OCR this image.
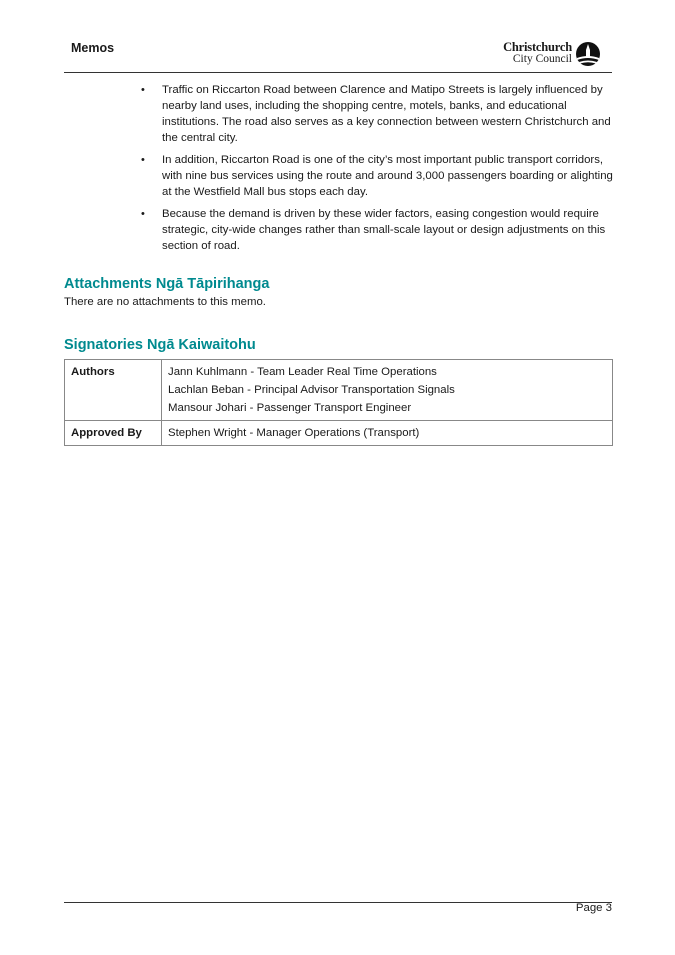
Memos	Christchurch
City Council
• Traffic on Riccarton Road between Clarence and Matipo Streets is largely influenced by nearby land uses, including the shopping centre, motels, banks, and educational institutions. The road also serves as a key connection between western Christchurch and the central city.
• In addition, Riccarton Road is one of the city’s most important public transport corridors, with nine bus services using the route and around 3,000 passengers boarding or alighting at the Westfield Mall bus stops each day.
• Because the demand is driven by these wider factors, easing congestion would require strategic, city-wide changes rather than small-scale layout or design adjustments on this section of road.
Attachments Ngā Tāpirihanga
There are no attachments to this memo.
Signatories Ngā Kaiwaitohu
Authors	Jann Kuhlmann - Team Leader Real Time Operations
Lachlan Beban - Principal Advisor Transportation Signals
Mansour Johari - Passenger Transport Engineer

Approved By	Stephen Wright - Manager Operations (Transport)
Page 3
